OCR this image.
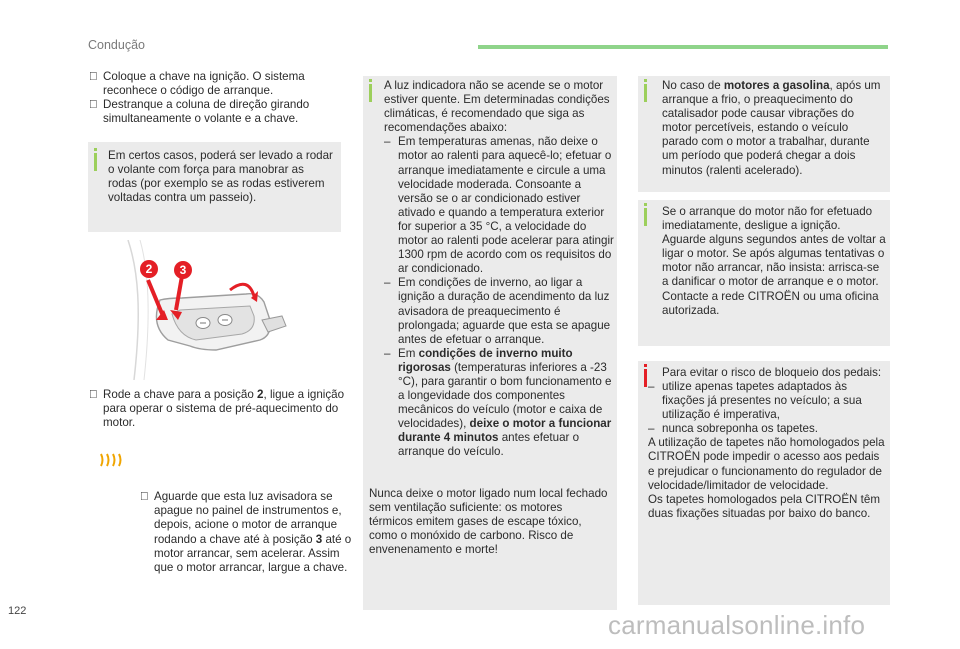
Condução
Coloque a chave na ignição. O sistema reconhece o código de arranque.
Destranque a coluna de direção girando simultaneamente o volante e a chave.
Em certos casos, poderá ser levado a rodar o volante com força para manobrar as rodas (por exemplo se as rodas estiverem voltadas contra um passeio).
2	3
Rode a chave para a posição 2, ligue a ignição para operar o sistema de pré-aquecimento do motor.
Aguarde que esta luz avisadora se apague no painel de instrumentos e, depois, acione o motor de arranque rodando a chave até à posição 3 até o motor arrancar, sem acelerar. Assim que o motor arrancar, largue a chave.

A luz indicadora não se acende se o motor estiver quente. Em determinadas condições climáticas, é recomendado que siga as recomendações abaixo:

– Em temperaturas amenas, não deixe o motor ao ralenti para aquecê-lo; efetuar o arranque imediatamente e circule a uma velocidade moderada. Consoante a versão se o ar condicionado estiver ativado e quando a temperatura exterior for superior a 35 °C, a velocidade do motor ao ralenti pode acelerar para atingir 1300 rpm de acordo com os requisitos do ar condicionado.
– Em condições de inverno, ao ligar a ignição a duração de acendimento da luz avisadora de preaquecimento é prolongada; aguarde que esta se apague antes de efetuar o arranque.
– Em condições de inverno muito rigorosas (temperaturas inferiores a -23 °C), para garantir o bom funcionamento e a longevidade dos componentes mecânicos do veículo (motor e caixa de velocidades), deixe o motor a funcionar durante 4 minutos antes efetuar o arranque do veículo.
Nunca deixe o motor ligado num local fechado sem ventilação suficiente: os motores térmicos emitem gases de escape tóxico, como o monóxido de carbono. Risco de envenenamento e morte!
No caso de motores a gasolina, após um arranque a frio, o preaquecimento do catalisador pode causar vibrações do motor percetíveis, estando o veículo parado com o motor a trabalhar, durante um período que poderá chegar a dois minutos (ralenti acelerado).

Se o arranque do motor não for efetuado imediatamente, desligue a ignição. Aguarde alguns segundos antes de voltar a ligar o motor. Se após algumas tentativas o motor não arrancar, não insista: arrisca-se a danificar o motor de arranque e o motor.

Contacte a rede CITROËN ou uma oficina autorizada.

Para evitar o risco de bloqueio dos pedais:

– utilize apenas tapetes adaptados às fixações já presentes no veículo; a sua utilização é imperativa,
– nunca sobreponha os tapetes.

A utilização de tapetes não homologados pela CITROËN pode impedir o acesso aos pedais e prejudicar o funcionamento do regulador de velocidade/limitador de velocidade.

Os tapetes homologados pela CITROËN têm duas fixações situadas por baixo do banco.

122	carmanualsonline.info
